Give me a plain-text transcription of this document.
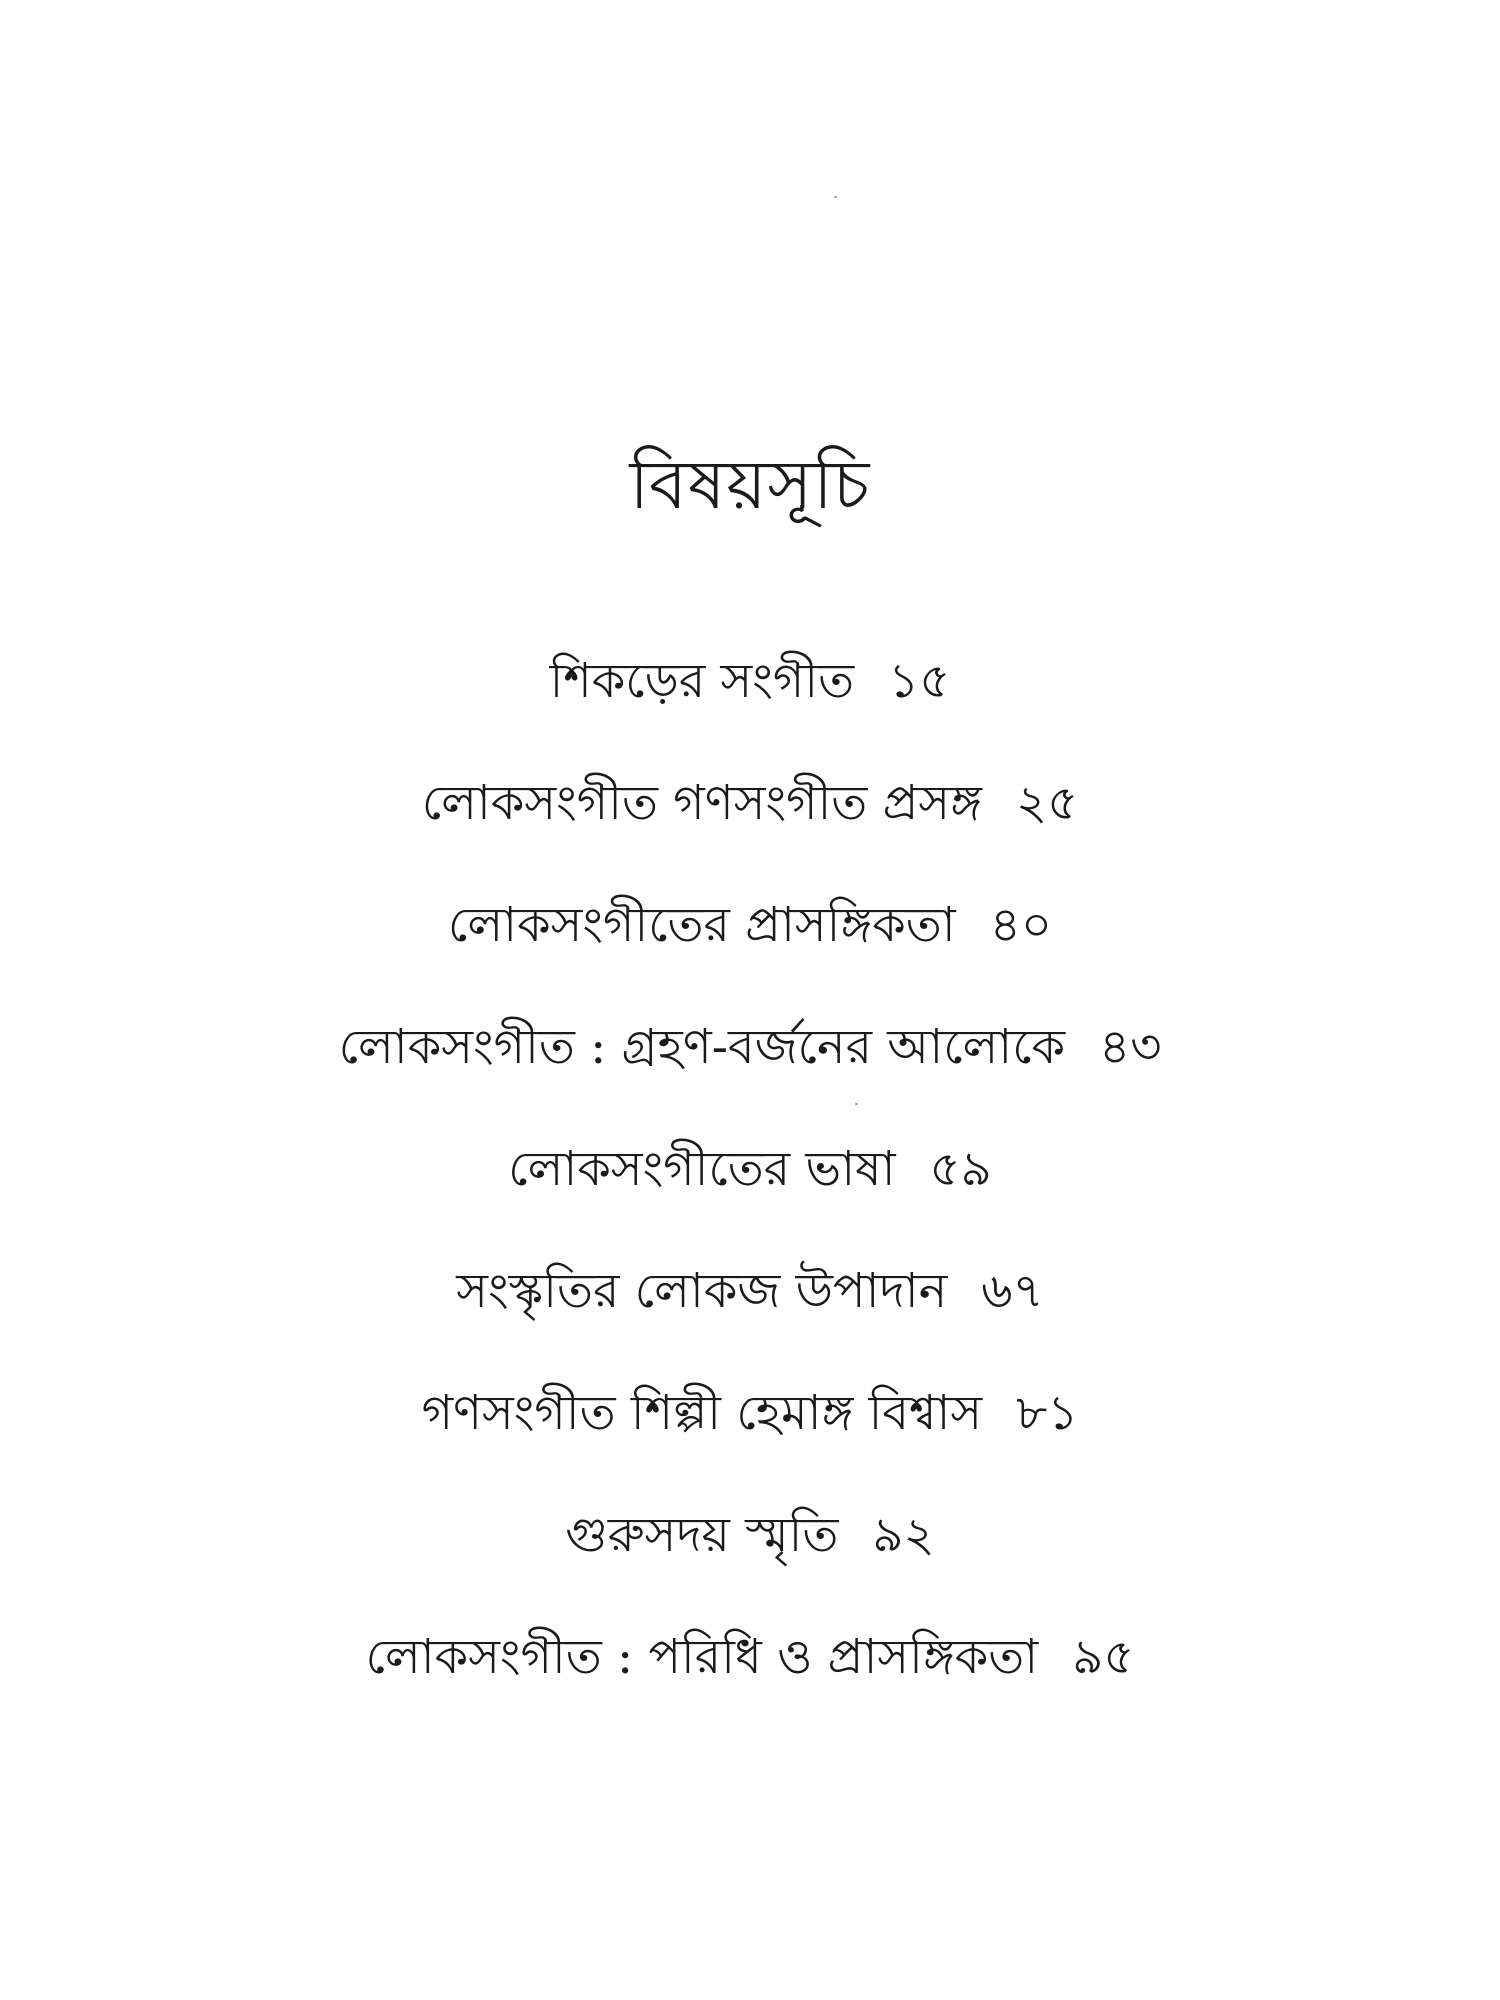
বিষয়সূচি
শিকড়ের সংগীত ১৫
লোকসংগীত গণসংগীত প্রসঙ্গ ২৫
লোকসংগীতের প্রাসঙ্গিকতা ৪০
লোকসংগীত : গ্রহণ-বর্জনের আলোকে ৪৩
লোকসংগীতের ভাষা ৫৯
সংস্কৃতির লোকজ উপাদান ৬৭
গণসংগীত শিল্পী হেমাঙ্গ বিশ্বাস ৮১
গুরুসদয় স্মৃতি ৯২
লোকসংগীত : পরিধি ও প্রাসঙ্গিকতা ৯৫
